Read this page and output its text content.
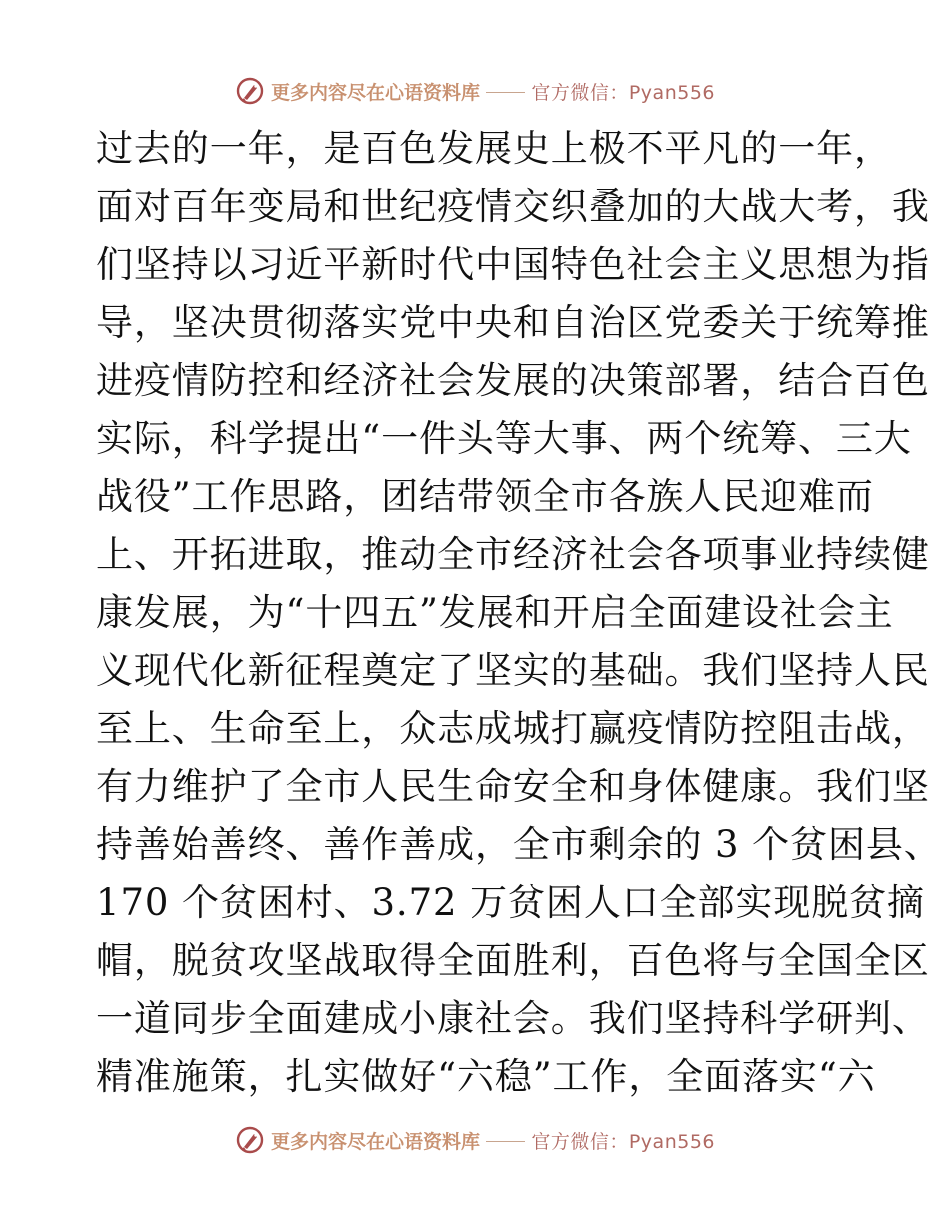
更多内容尽在心语资料库	官方微信：Pyan556
过去的一年，是百色发展史上极不平凡的一年，
面对百年变局和世纪疫情交织叠加的大战大考，我
们坚持以习近平新时代中国特色社会主义思想为指
导，坚决贯彻落实党中央和自治区党委关于统筹推
进疫情防控和经济社会发展的决策部署，结合百色
实际，科学提出“一件头等大事、两个统筹、三大
战役”工作思路，团结带领全市各族人民迎难而
上、开拓进取，推动全市经济社会各项事业持续健
康发展，为“十四五”发展和开启全面建设社会主
义现代化新征程奠定了坚实的基础。我们坚持人民
至上、生命至上，众志成城打赢疫情防控阻击战，
有力维护了全市人民生命安全和身体健康。我们坚
持善始善终、善作善成，全市剩余的 3 个贫困县、
170 个贫困村、3.72 万贫困人口全部实现脱贫摘
帽，脱贫攻坚战取得全面胜利，百色将与全国全区
一道同步全面建成小康社会。我们坚持科学研判、
精准施策，扎实做好“六稳”工作，全面落实“六
更多内容尽在心语资料库	官方微信：Pyan556
